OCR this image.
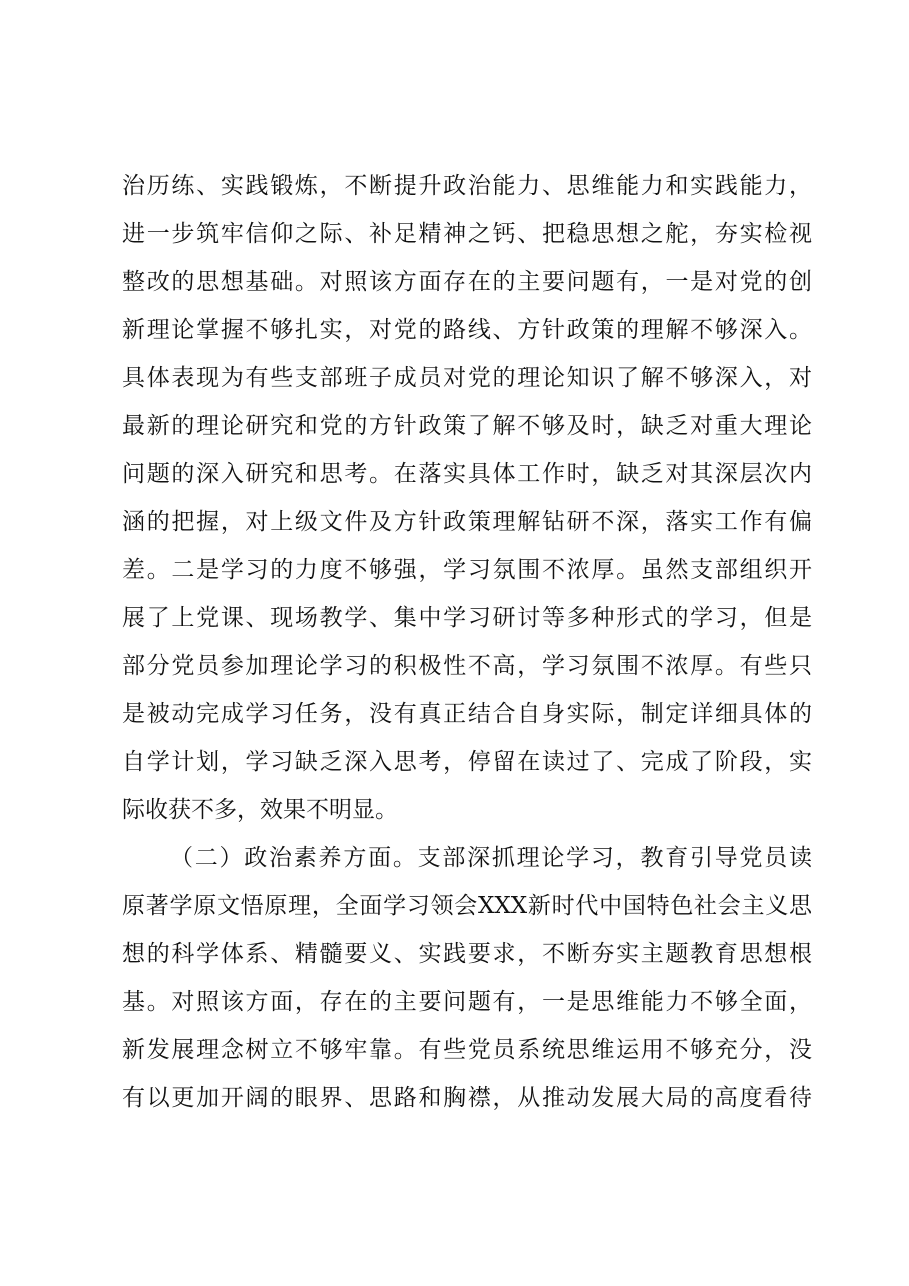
治历练、实践锻炼，不断提升政治能力、思维能力和实践能力，
进一步筑牢信仰之际、补足精神之钙、把稳思想之舵，夯实检视
整改的思想基础。对照该方面存在的主要问题有，一是对党的创
新理论掌握不够扎实，对党的路线、方针政策的理解不够深入。
具体表现为有些支部班子成员对党的理论知识了解不够深入，对
最新的理论研究和党的方针政策了解不够及时，缺乏对重大理论
问题的深入研究和思考。在落实具体工作时，缺乏对其深层次内
涵的把握，对上级文件及方针政策理解钻研不深，落实工作有偏
差。二是学习的力度不够强，学习氛围不浓厚。虽然支部组织开
展了上党课、现场教学、集中学习研讨等多种形式的学习，但是
部分党员参加理论学习的积极性不高，学习氛围不浓厚。有些只
是被动完成学习任务，没有真正结合自身实际，制定详细具体的
自学计划，学习缺乏深入思考，停留在读过了、完成了阶段，实
际收获不多，效果不明显。
（二）政治素养方面。支部深抓理论学习，教育引导党员读
原著学原文悟原理，全面学习领会XXX新时代中国特色社会主义思
想的科学体系、精髓要义、实践要求，不断夯实主题教育思想根
基。对照该方面，存在的主要问题有，一是思维能力不够全面，
新发展理念树立不够牢靠。有些党员系统思维运用不够充分，没
有以更加开阔的眼界、思路和胸襟，从推动发展大局的高度看待
